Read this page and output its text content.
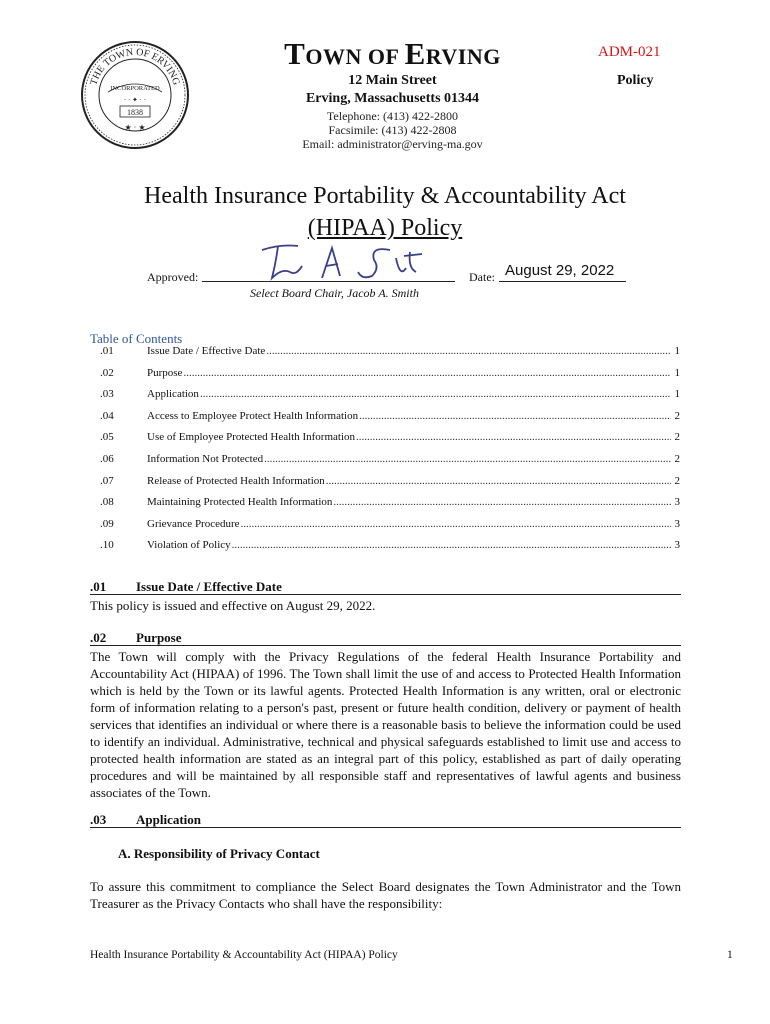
THE TOWN OF ERVING
INCORPORATED
· · ✦ · ·
1838
★ · ★
TOWN OF ERVING	ADM-021
Policy
12 Main Street
Erving, Massachusetts 01344
Telephone: (413) 422-2800
Facsimile: (413) 422-2808
Email: administrator@erving-ma.gov
Health Insurance Portability & Accountability Act
(HIPAA) Policy
Approved:
Select Board Chair, Jacob A. Smith
Date: August 29, 2022
Table of Contents
.01	Issue Date / Effective Date .....	1
.02	Purpose .....	1
.03	Application .....	1
.04	Access to Employee Protect Health Information .....	2
.05	Use of Employee Protected Health Information .....	2
.06	Information Not Protected .....	2
.07	Release of Protected Health Information .....	2
.08	Maintaining Protected Health Information .....	3
.09	Grievance Procedure .....	3
.10	Violation of Policy .....	3
.01 Issue Date / Effective Date
This policy is issued and effective on August 29, 2022.
.02 Purpose
The Town will comply with the Privacy Regulations of the federal Health Insurance Portability and Accountability Act (HIPAA) of 1996. The Town shall limit the use of and access to Protected Health Information which is held by the Town or its lawful agents. Protected Health Information is any written, oral or electronic form of information relating to a person's past, present or future health condition, delivery or payment of health services that identifies an individual or where there is a reasonable basis to believe the information could be used to identify an individual. Administrative, technical and physical safeguards established to limit use and access to protected health information are stated as an integral part of this policy, established as part of daily operating procedures and will be maintained by all responsible staff and representatives of lawful agents and business associates of the Town.
.03 Application
A. Responsibility of Privacy Contact
To assure this commitment to compliance the Select Board designates the Town Administrator and the Town Treasurer as the Privacy Contacts who shall have the responsibility:
Health Insurance Portability & Accountability Act (HIPAA) Policy	1
